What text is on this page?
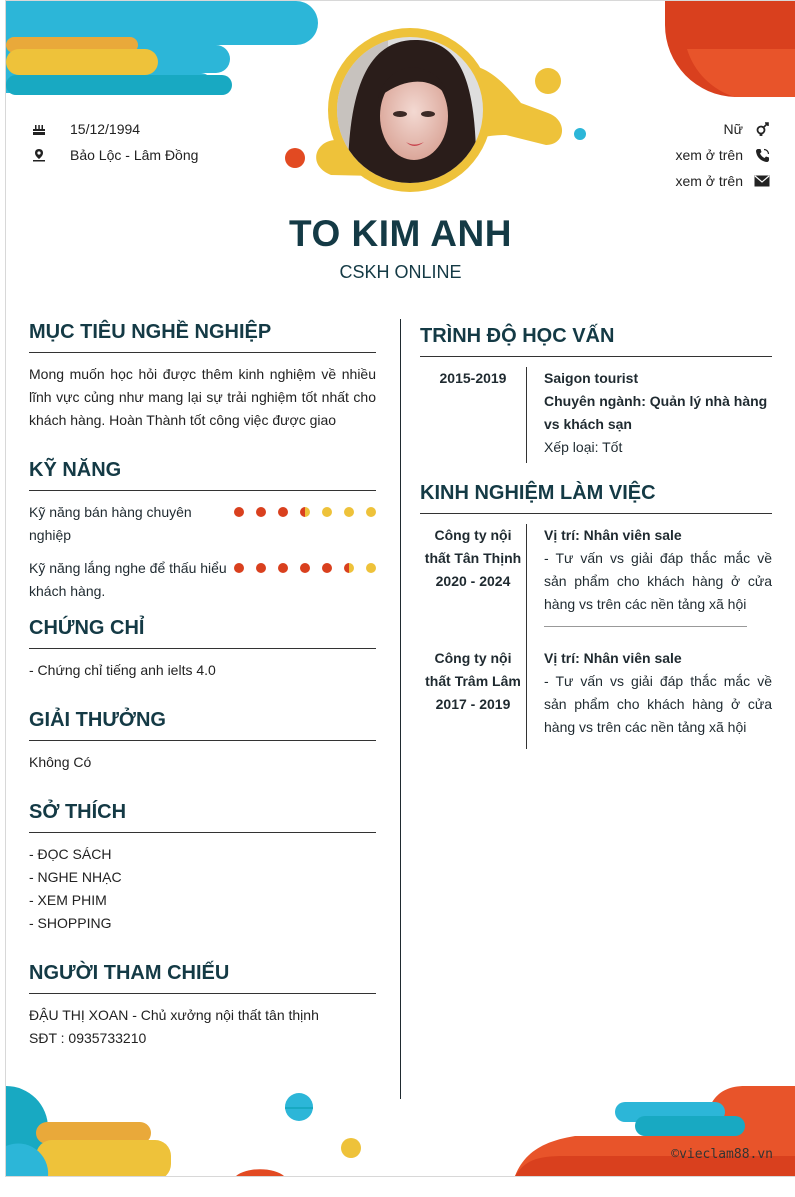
15/12/1994
Bảo Lộc - Lâm Đồng
Nữ
xem ở trên
xem ở trên
TO KIM ANH
CSKH ONLINE
MỤC TIÊU NGHỀ NGHIỆP
Mong muốn học hỏi được thêm kinh nghiệm về nhiều lĩnh vực củng như mang lại sự trải nghiệm tốt nhất cho khách hàng. Hoàn Thành tốt công việc được giao
KỸ NĂNG
Kỹ năng bán hàng chuyên nghiệp
Kỹ năng lắng nghe để thấu hiểu khách hàng.
CHỨNG CHỈ
- Chứng chỉ tiếng anh ielts 4.0
GIẢI THƯỞNG
Không Có
SỞ THÍCH
- ĐỌC SÁCH
- NGHE NHẠC
- XEM PHIM
- SHOPPING
NGƯỜI THAM CHIẾU
ĐẬU THỊ XOAN - Chủ xưởng nội thất tân thịnh
SĐT : 0935733210
TRÌNH ĐỘ HỌC VẤN
2015-2019	Saigon tourist
Chuyên ngành: Quản lý nhà hàng vs khách sạn
Xếp loại: Tốt
KINH NGHIỆM LÀM VIỆC
Công ty nội thất Tân Thịnh
2020 - 2024
Vị trí: Nhân viên sale
- Tư vấn vs giải đáp thắc mắc về sản phẩm cho khách hàng ở cửa hàng vs trên các nền tảng xã hội
Công ty nội thất Trâm Lâm
2017 - 2019
Vị trí: Nhân viên sale
- Tư vấn vs giải đáp thắc mắc về sản phẩm cho khách hàng ở cửa hàng vs trên các nền tảng xã hội
©vieclam88.vn
